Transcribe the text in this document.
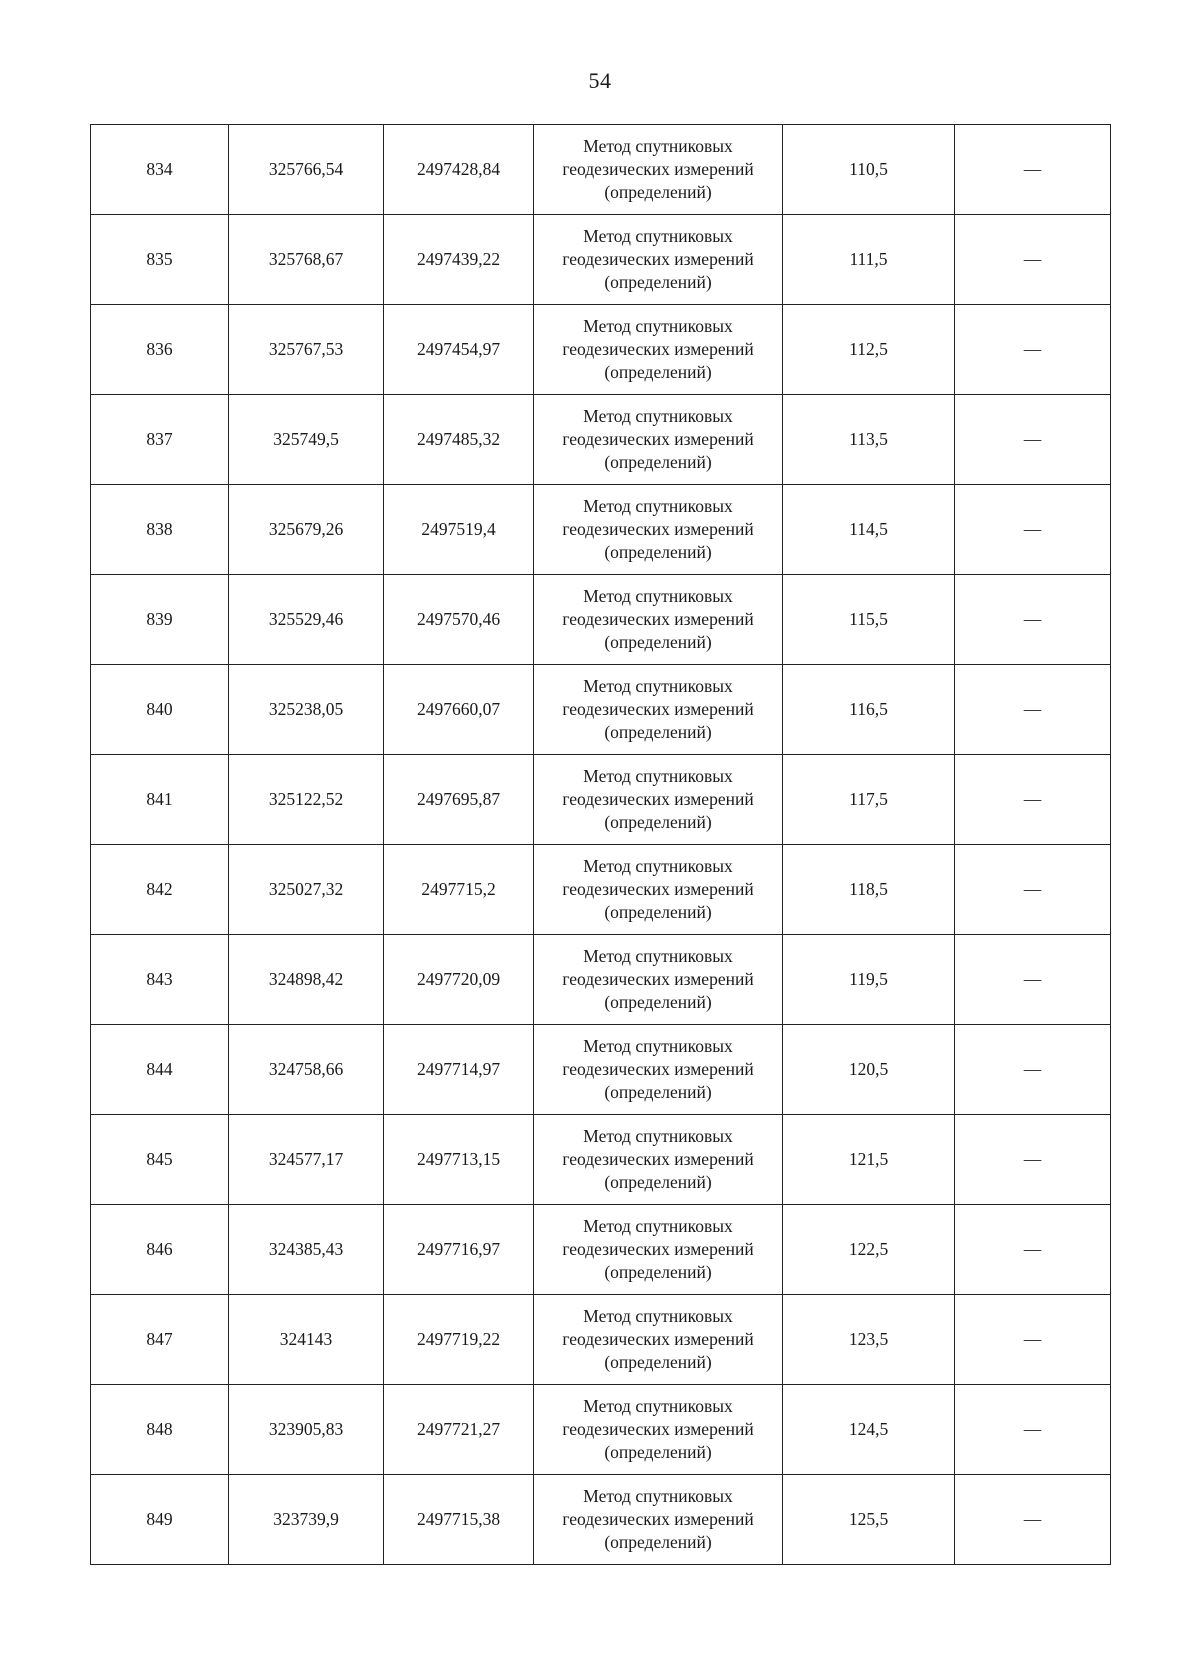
54
834	325766,54	2497428,84	Метод спутниковых геодезических измерений (определений)	110,5	—
835	325768,67	2497439,22	Метод спутниковых геодезических измерений (определений)	111,5	—
836	325767,53	2497454,97	Метод спутниковых геодезических измерений (определений)	112,5	—
837	325749,5	2497485,32	Метод спутниковых геодезических измерений (определений)	113,5	—
838	325679,26	2497519,4	Метод спутниковых геодезических измерений (определений)	114,5	—
839	325529,46	2497570,46	Метод спутниковых геодезических измерений (определений)	115,5	—
840	325238,05	2497660,07	Метод спутниковых геодезических измерений (определений)	116,5	—
841	325122,52	2497695,87	Метод спутниковых геодезических измерений (определений)	117,5	—
842	325027,32	2497715,2	Метод спутниковых геодезических измерений (определений)	118,5	—
843	324898,42	2497720,09	Метод спутниковых геодезических измерений (определений)	119,5	—
844	324758,66	2497714,97	Метод спутниковых геодезических измерений (определений)	120,5	—
845	324577,17	2497713,15	Метод спутниковых геодезических измерений (определений)	121,5	—
846	324385,43	2497716,97	Метод спутниковых геодезических измерений (определений)	122,5	—
847	324143	2497719,22	Метод спутниковых геодезических измерений (определений)	123,5	—
848	323905,83	2497721,27	Метод спутниковых геодезических измерений (определений)	124,5	—
849	323739,9	2497715,38	Метод спутниковых геодезических измерений (определений)	125,5	—
